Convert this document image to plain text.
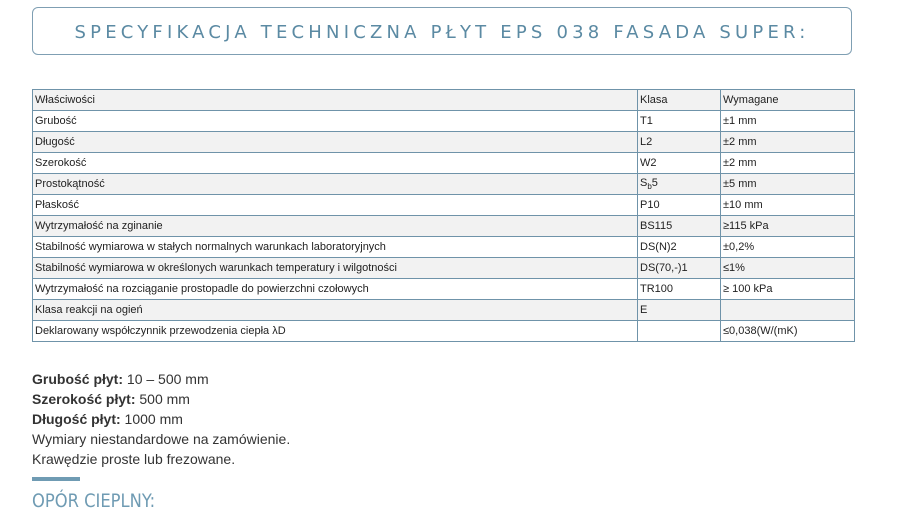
SPECYFIKACJA TECHNICZNA PŁYT EPS 038 FASADA SUPER:
Właściwości	Klasa	Wymagane
Grubość	T1	±1 mm
Długość	L2	±2 mm
Szerokość	W2	±2 mm
Prostokątność	$S_b5$	±5 mm
Płaskość	P10	±10 mm
Wytrzymałość na zginanie	BS115	≥115 kPa
Stabilność wymiarowa w stałych normalnych warunkach laboratoryjnych	DS(N)2	±0,2%
Stabilność wymiarowa w określonych warunkach temperatury i wilgotności	DS(70,-)1	≤1%
Wytrzymałość na rozciąganie prostopadle do powierzchni czołowych	TR100	≥ 100 kPa
Klasa reakcji na ogień	E	
Deklarowany współczynnik przewodzenia ciepła λD		≤0,038(W/(mK)
Grubość płyt: 10 – 500 mm
Szerokość płyt: 500 mm
Długość płyt: 1000 mm
Wymiary niestandardowe na zamówienie.
Krawędzie proste lub frezowane.
OPÓR CIEPLNY:
